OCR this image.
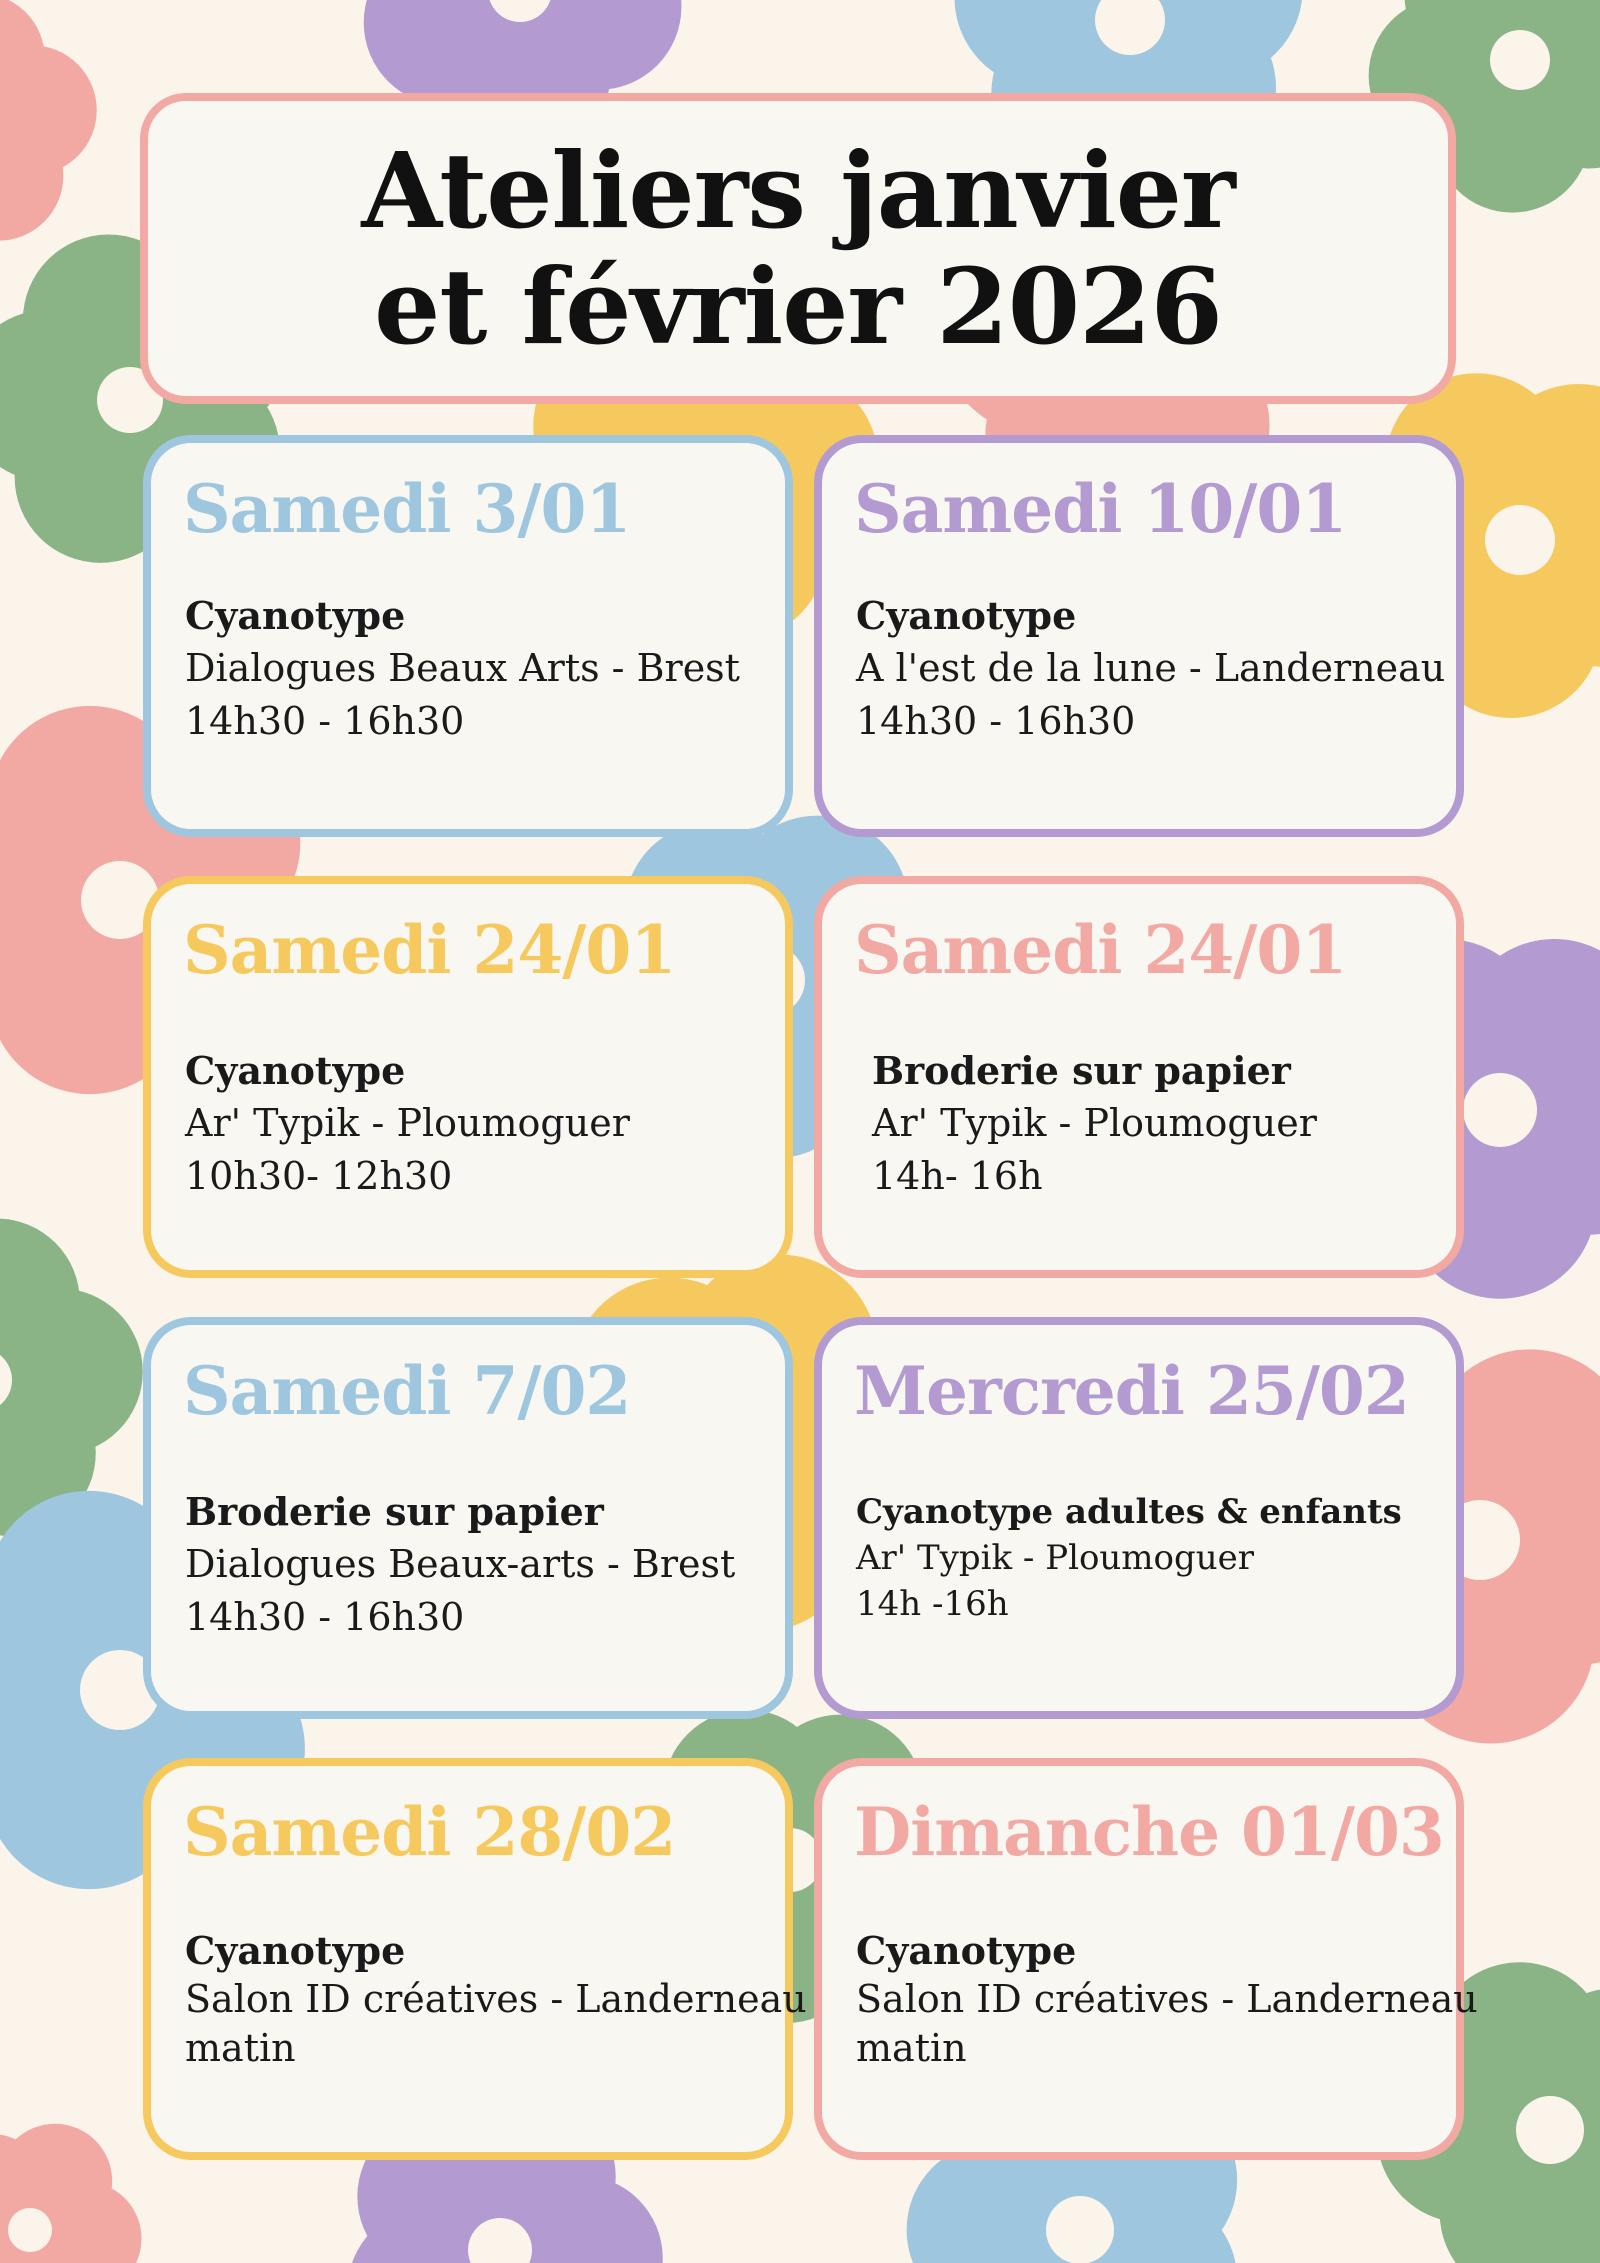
Ateliers janvier
et février 2026
Samedi 3/01
Cyanotype
Dialogues Beaux Arts - Brest
14h30 - 16h30
Samedi 10/01
Cyanotype
A l'est de la lune - Landerneau
14h30 - 16h30
Samedi 24/01
Cyanotype
Ar' Typik - Ploumoguer
10h30- 12h30
Samedi 24/01
Broderie sur papier
Ar' Typik - Ploumoguer
14h- 16h
Samedi 7/02
Broderie sur papier
Dialogues Beaux-arts - Brest
14h30 - 16h30
Mercredi 25/02
Cyanotype adultes & enfants
Ar' Typik - Ploumoguer
14h -16h
Samedi 28/02
Cyanotype
Salon ID créatives - Landerneau
matin
Dimanche 01/03
Cyanotype
Salon ID créatives - Landerneau
matin
